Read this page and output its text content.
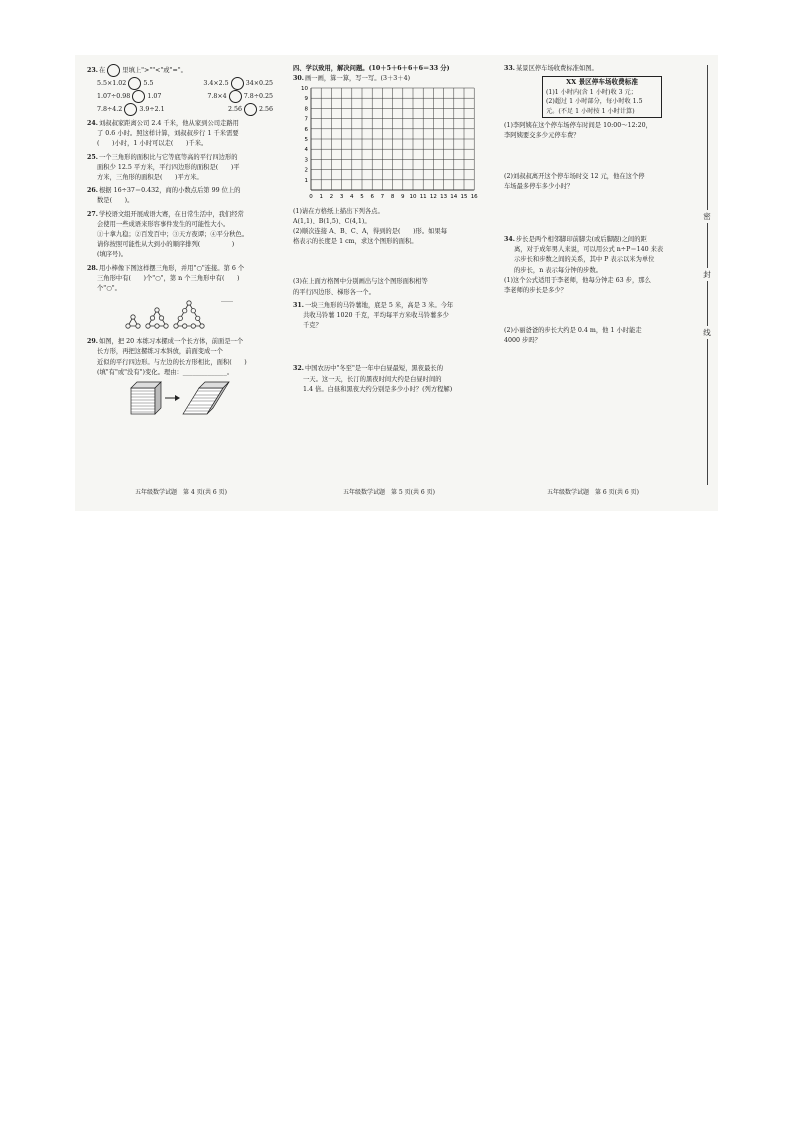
23.在	里填上">""<"或"="。
5.5×1.02	5.5	3.4×2.5	34×0.25
1.07÷0.98	1.07	7.8×4	7.8÷0.25
7.8÷4.2	3.9÷2.1	2.5̇6̇	2.56
24.刘叔叔家距离公司 2.4 千米，他从家到公司走路用
了 0.6 小时。照这样计算，刘叔叔步行 1 千米需要
(　　)小时，1 小时可以走(　　)千米。
25.一个三角形的面积比与它等底等高的平行四边形的
面积少 12.5 平方米，平行四边形的面积是(　　)平
方米，三角形的面积是(　　)平方米。
26.根据 16÷37＝0.4̇32̇，商的小数点后第 99 位上的
数是(　　)。
27.学校语文组开展成语大赛，在日常生活中，我们经常
会使用一些成语来形容事件发生的可能性大小。
①十拿九稳；②百发百中；③天方夜谭；④平分秋色。
请你按照可能性从大到小的顺序排列(　　　　　)
(填序号)。
28.用小棒像下图这样摆三角形，并用"○"连接。第 6 个
三角形中有(　　)个"○"，第 n 个三角形中有(　　)
个"○"。
......
29.如图，把 20 本练习本摞成一个长方体，前面是一个
长方形，再把这摞练习本斜放，前面变成一个
近似的平行四边形。与左边的长方形相比，面积(　　)
(填"有"或"没有")变化。理由：______________。
四、学以致用，解决问题。(10＋5＋6＋6＋6＝33 分)
30.画一画，算一算，写一写。(3＋3＋4)
0 1 2 3 4 5 6 7 8 9 10 11 12 13 14 15 16
10
9
8
7
6
5
4
3
2
1
(1)请在方格纸上描出下列各点。
A(1,1)、B(1,5)、C(4,1)。
(2)顺次连接 A、B、C、A，得到的是(　　)形。如果每
格表示的长度是 1 cm，求这个图形的面积。
(3)在上面方格图中分别画出与这个图形面积相等
的平行四边形、梯形各一个。
31.一块三角形的马铃薯地，底是 5 米，高是 3 米。今年
共收马铃薯 1020 千克，平均每平方米收马铃薯多少
千克？
32.中国农历中"冬至"是一年中白昼最短，黑夜最长的
一天。这一天，长汀的黑夜时间大约是白昼时间的
1.4 倍。白昼和黑夜大约分别是多少小时？(列方程解)
33.某景区停车场收费标准如图。
XX 景区停车场收费标准
(1)1 小时内(含 1 小时)收 3 元；
(2)超过 1 小时部分，每小时收 1.5
元。(不足 1 小时按 1 小时计算)
(1)李阿姨在这个停车场停车时间是 10:00～12:20，
李阿姨要交多少元停车费？
(2)刘叔叔离开这个停车场时交 12 元，他在这个停
车场最多停车多少小时？
34.步长是两个相邻脚印前脚尖(或后脚跟)之间的距
离，对于成年男人来说，可以用公式 n÷P＝140 来表
示步长和步数之间的关系，其中 P 表示以米为单位
的步长，n 表示每分钟的步数。
(1)这个公式适用于李老师，他每分钟走 63 步，那么
李老师的步长是多少？
(2)小丽爸爸的步长大约是 0.4 m，他 1 小时能走
4000 步吗？
密
封
线
五年级数学试题　第 4 页(共 6 页)	五年级数学试题　第 5 页(共 6 页)	五年级数学试题　第 6 页(共 6 页)
